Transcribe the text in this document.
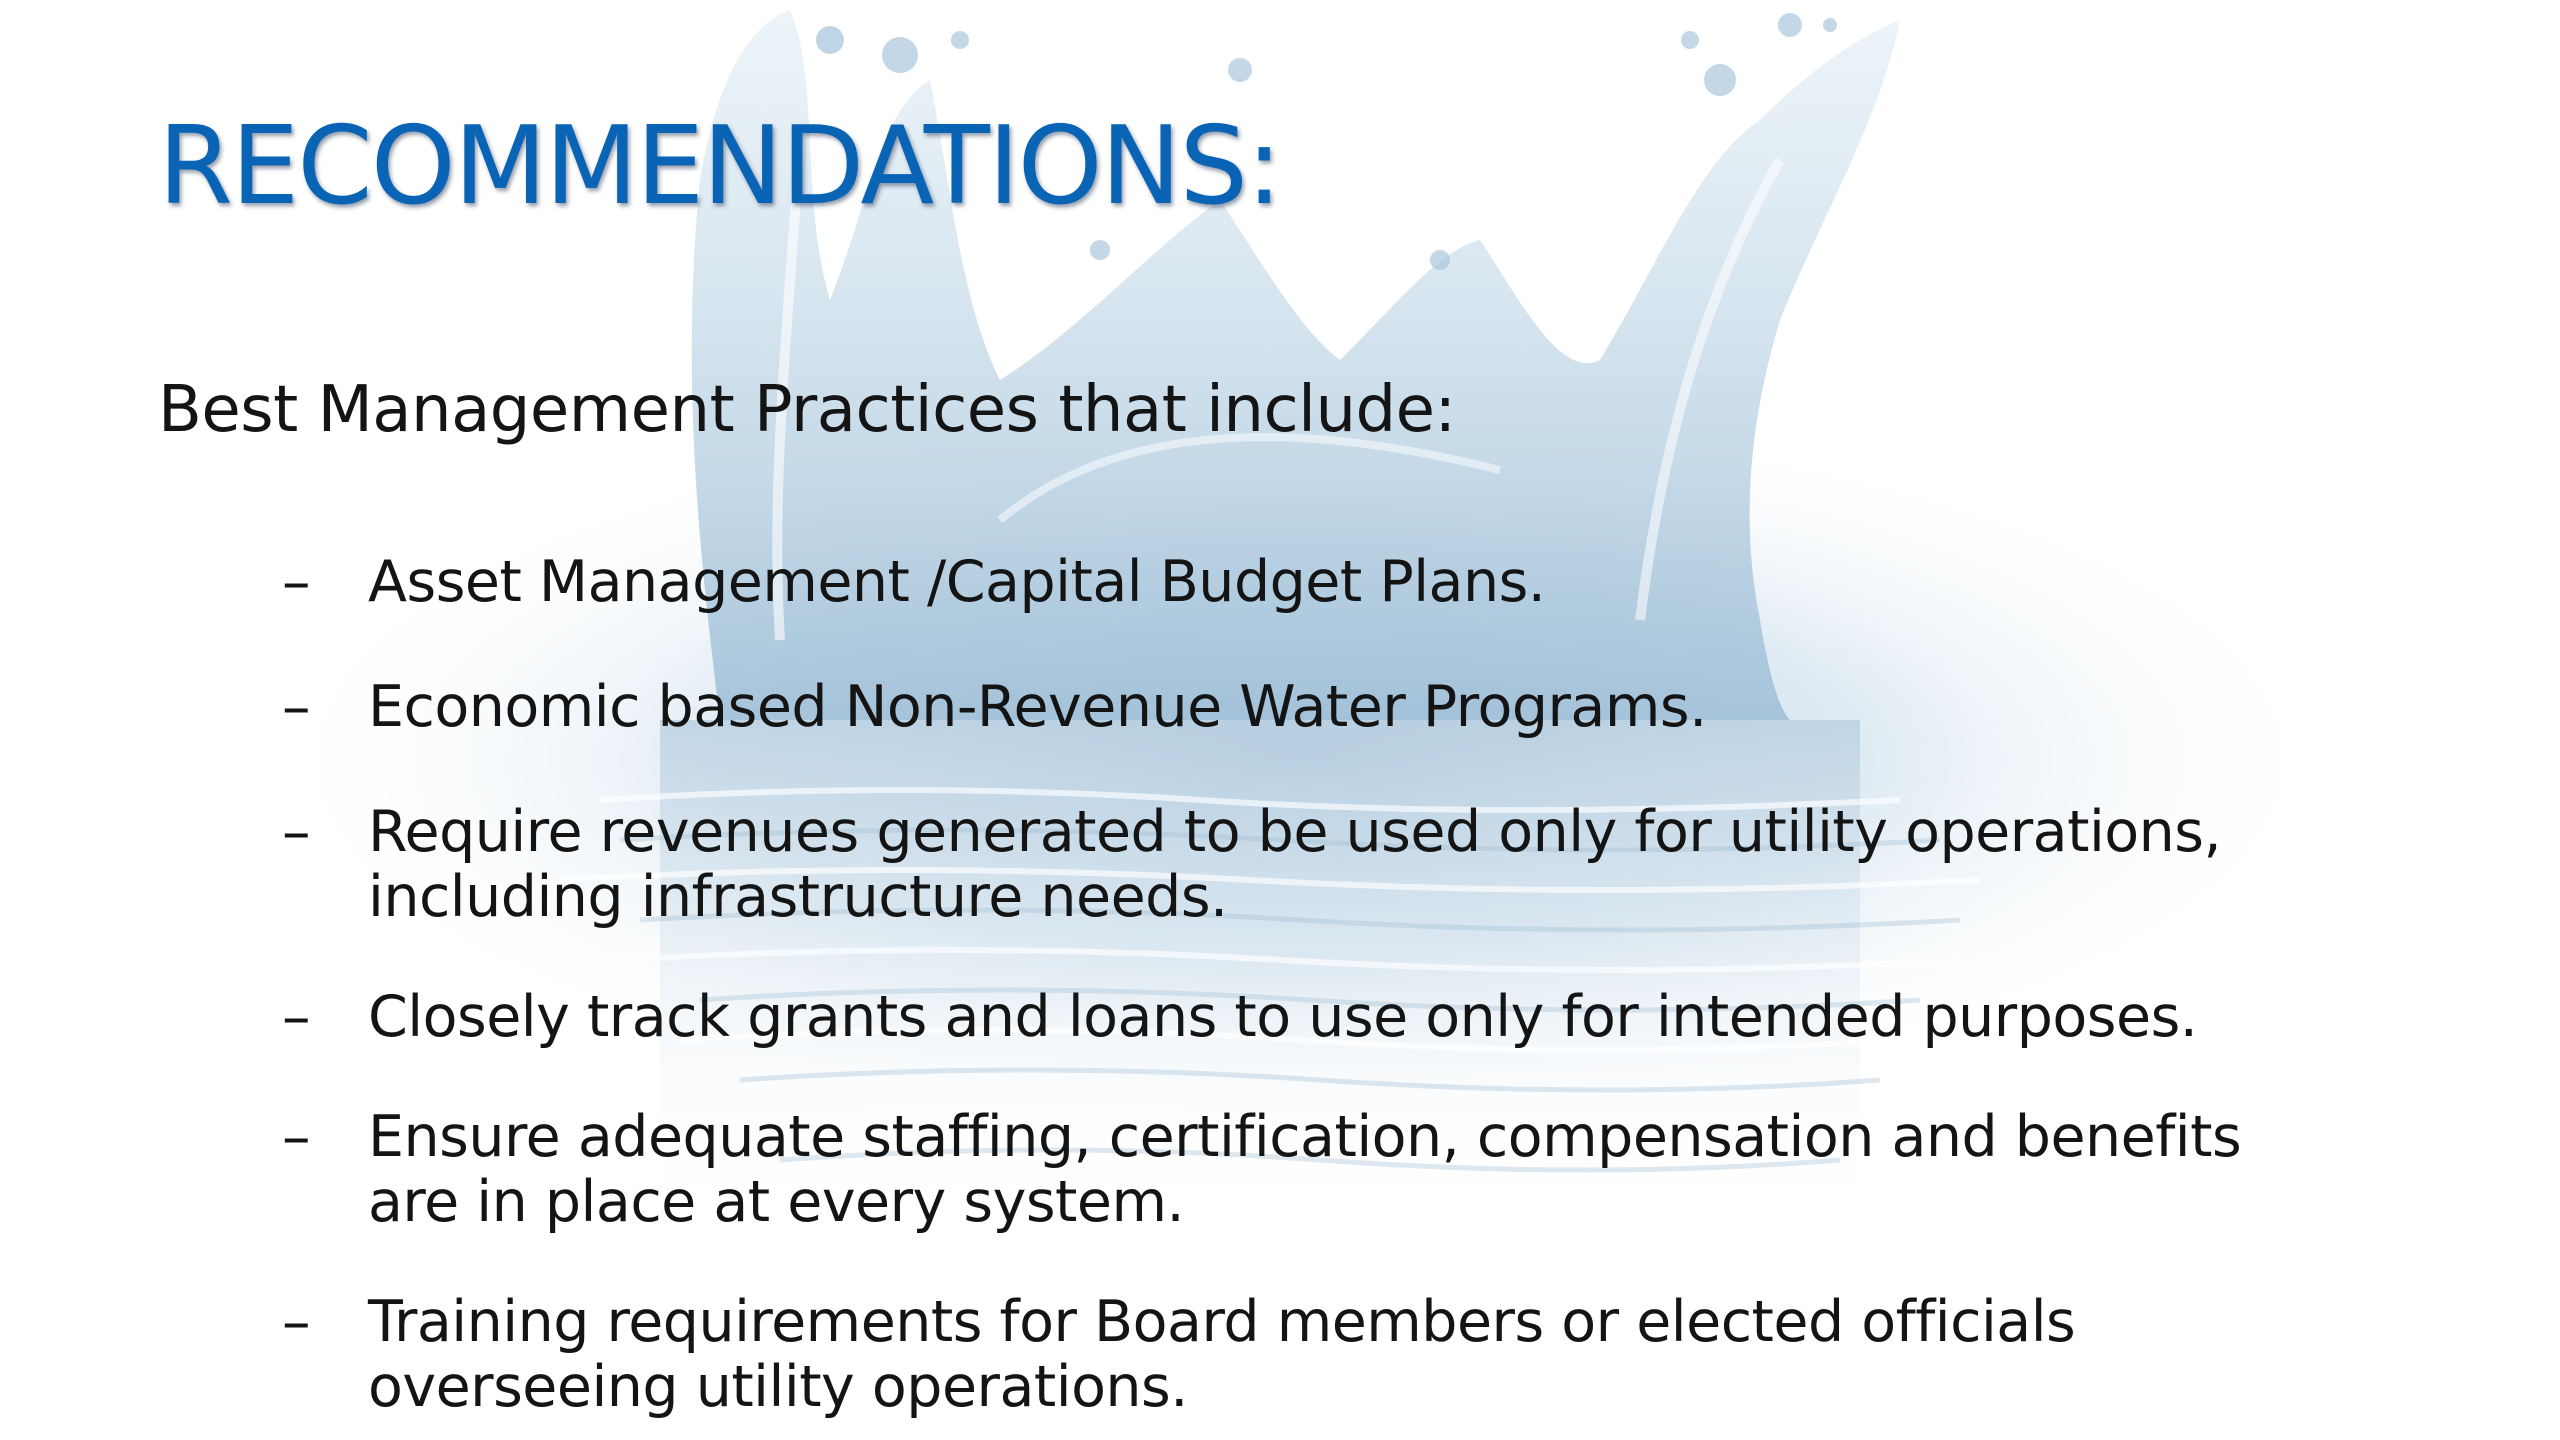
RECOMMENDATIONS:

Best Management Practices that include:

– Asset Management /Capital Budget Plans.
– Economic based Non-Revenue Water Programs.
– Require revenues generated to be used only for utility operations, including infrastructure needs.
– Closely track grants and loans to use only for intended purposes.
– Ensure adequate staffing, certification, compensation and benefits are in place at every system.
– Training requirements for Board members or elected officials overseeing utility operations.
